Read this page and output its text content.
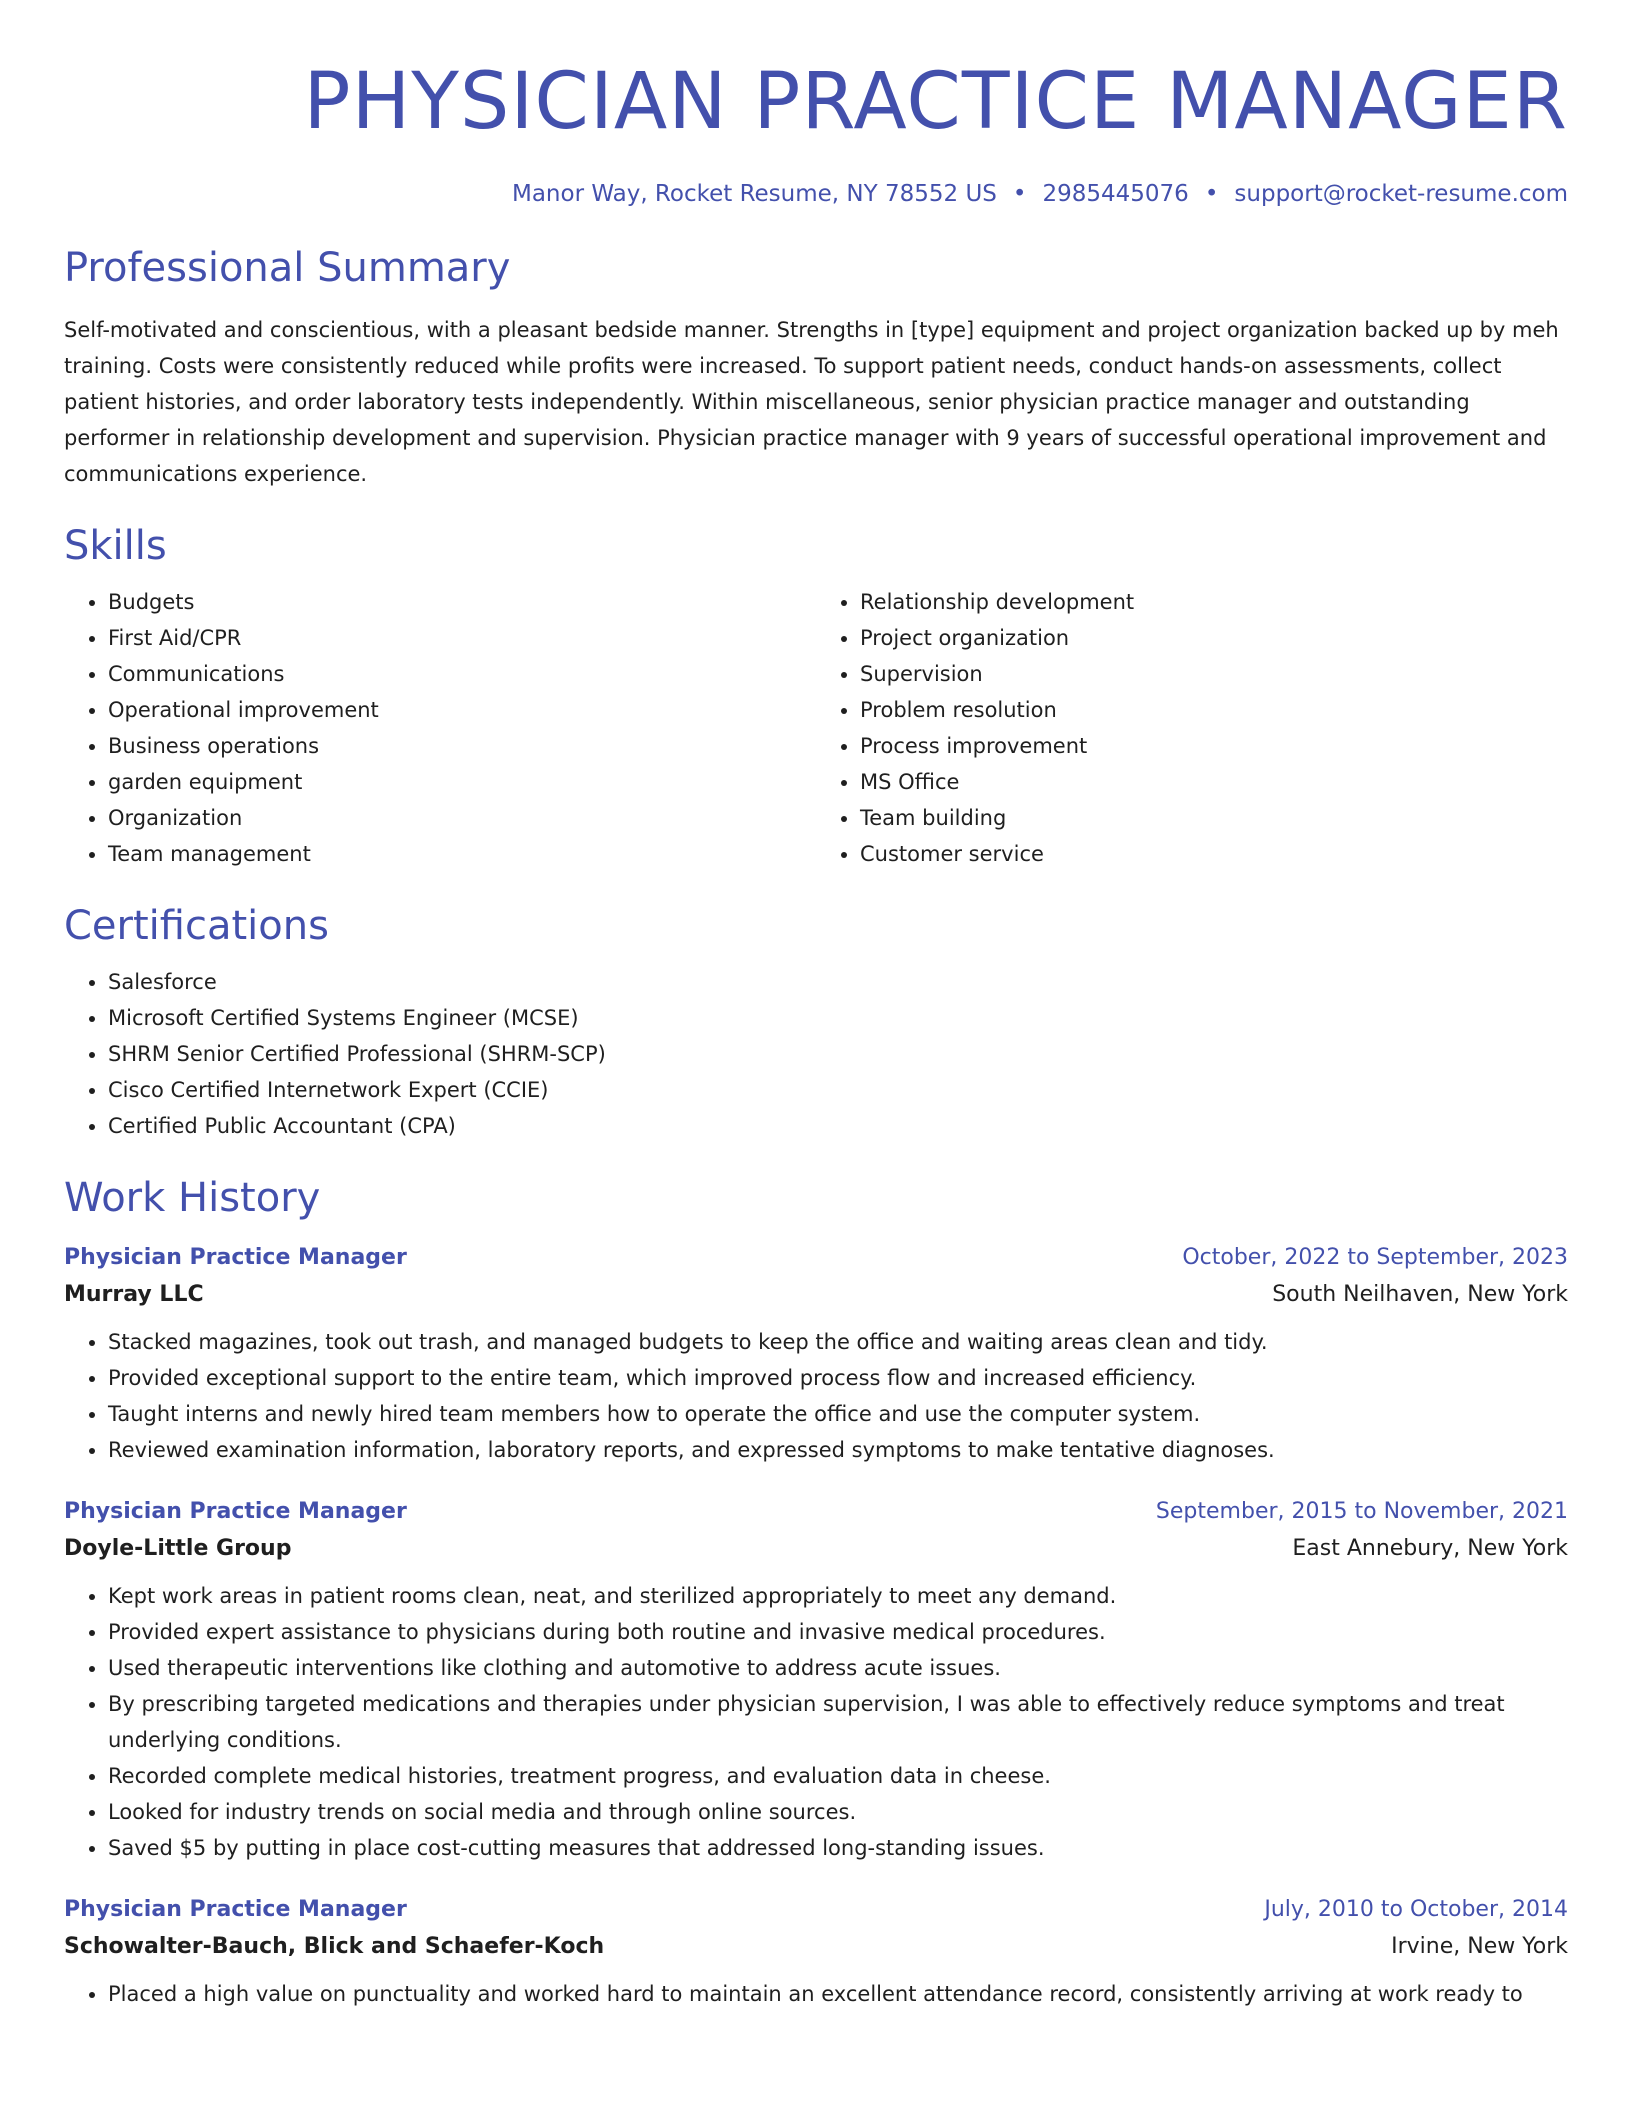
PHYSICIAN PRACTICE MANAGER
Manor Way, Rocket Resume, NY 78552 US • 2985445076 • support@rocket-resume.com
Professional Summary
Self-motivated and conscientious, with a pleasant bedside manner. Strengths in [type] equipment and project organization backed up by meh training. Costs were consistently reduced while profits were increased. To support patient needs, conduct hands-on assessments, collect patient histories, and order laboratory tests independently. Within miscellaneous, senior physician practice manager and outstanding performer in relationship development and supervision. Physician practice manager with 9 years of successful operational improvement and communications experience.
Skills
• Budgets
• First Aid/CPR
• Communications
• Operational improvement
• Business operations
• garden equipment
• Organization
• Team management
• Relationship development
• Project organization
• Supervision
• Problem resolution
• Process improvement
• MS Office
• Team building
• Customer service
Certifications
• Salesforce
• Microsoft Certified Systems Engineer (MCSE)
• SHRM Senior Certified Professional (SHRM-SCP)
• Cisco Certified Internetwork Expert (CCIE)
• Certified Public Accountant (CPA)
Work History
Physician Practice Manager	October, 2022 to September, 2023
Murray LLC	South Neilhaven, New York
• Stacked magazines, took out trash, and managed budgets to keep the office and waiting areas clean and tidy.
• Provided exceptional support to the entire team, which improved process flow and increased efficiency.
• Taught interns and newly hired team members how to operate the office and use the computer system.
• Reviewed examination information, laboratory reports, and expressed symptoms to make tentative diagnoses.
Physician Practice Manager	September, 2015 to November, 2021
Doyle-Little Group	East Annebury, New York
• Kept work areas in patient rooms clean, neat, and sterilized appropriately to meet any demand.
• Provided expert assistance to physicians during both routine and invasive medical procedures.
• Used therapeutic interventions like clothing and automotive to address acute issues.
• By prescribing targeted medications and therapies under physician supervision, I was able to effectively reduce symptoms and treat underlying conditions.
• Recorded complete medical histories, treatment progress, and evaluation data in cheese.
• Looked for industry trends on social media and through online sources.
• Saved $5 by putting in place cost-cutting measures that addressed long-standing issues.
Physician Practice Manager	July, 2010 to October, 2014
Schowalter-Bauch, Blick and Schaefer-Koch	Irvine, New York
• Placed a high value on punctuality and worked hard to maintain an excellent attendance record, consistently arriving at work ready to
